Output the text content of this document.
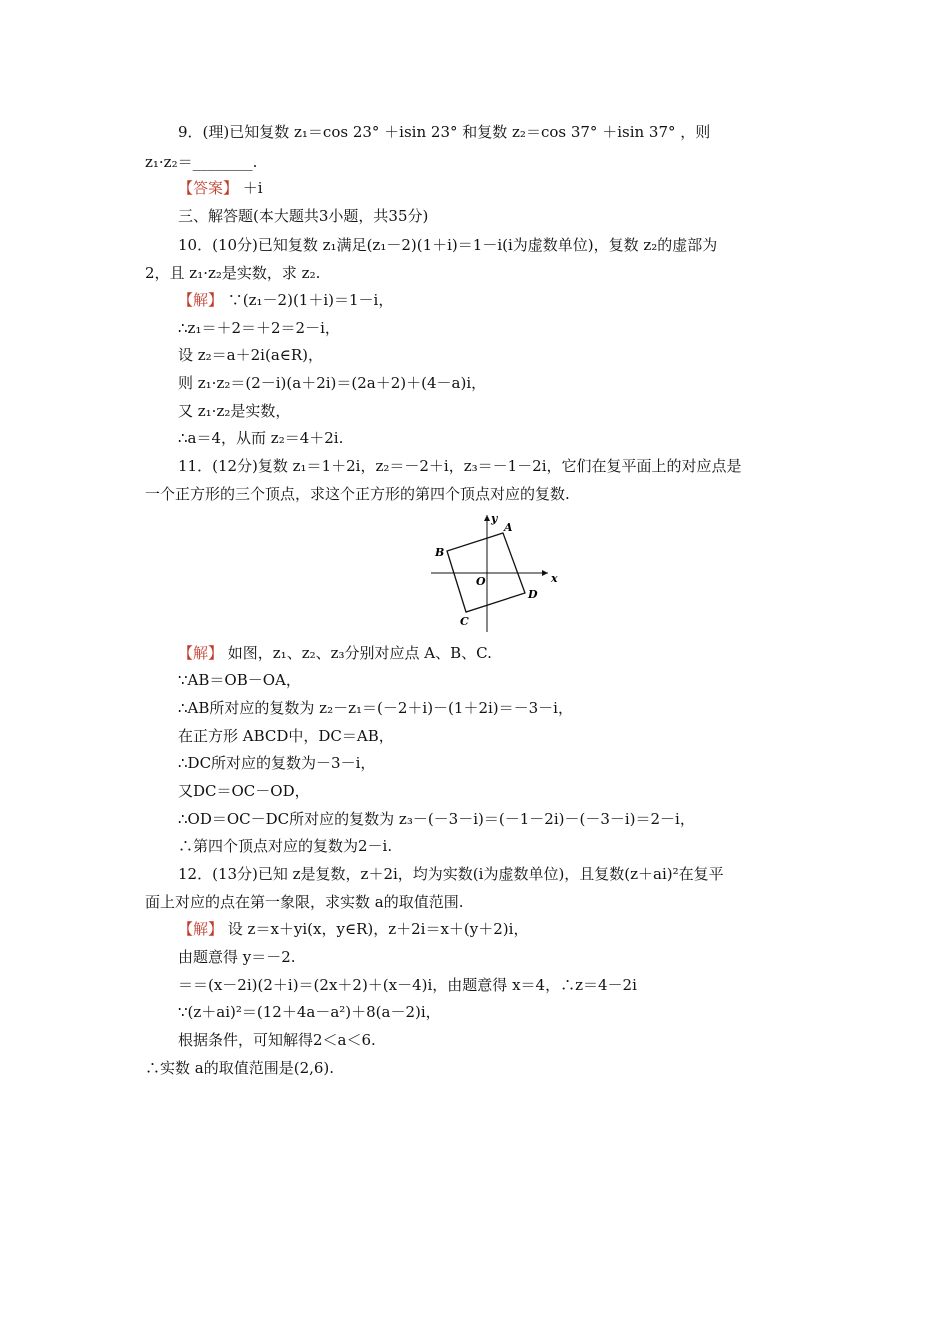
9．(理)已知复数 z₁＝cos 23° ＋isin 23° 和复数 z₂＝cos 37° ＋isin 37° ，则
z₁·z₂＝________.
【答案】 ＋i
三、解答题(本大题共3小题，共35分)
10．(10分)已知复数 z₁满足(z₁－2)(1＋i)＝1－i(i为虚数单位)，复数 z₂的虚部为
2，且 z₁·z₂是实数，求 z₂.
【解】 ∵(z₁－2)(1＋i)＝1－i，
∴z₁＝＋2＝＋2＝2－i，
设 z₂＝a＋2i(a∈R)，
则 z₁·z₂＝(2－i)(a＋2i)＝(2a＋2)＋(4－a)i，
又 z₁·z₂是实数，
∴a＝4，从而 z₂＝4＋2i.
11．(12分)复数 z₁＝1＋2i，z₂＝－2＋i，z₃＝－1－2i，它们在复平面上的对应点是
一个正方形的三个顶点，求这个正方形的第四个顶点对应的复数.
x
y
O
A
B
C
D
【解】 如图，z₁、z₂、z₃分别对应点 A、B、C.
∵AB＝OB－OA，
∴AB所对应的复数为 z₂－z₁＝(－2＋i)－(1＋2i)＝－3－i，
在正方形 ABCD中，DC＝AB，
∴DC所对应的复数为－3－i，
又DC＝OC－OD，
∴OD＝OC－DC所对应的复数为 z₃－(－3－i)＝(－1－2i)－(－3－i)＝2－i，
∴第四个顶点对应的复数为2－i.
12．(13分)已知 z是复数，z＋2i，均为实数(i为虚数单位)，且复数(z＋ai)²在复平
面上对应的点在第一象限，求实数 a的取值范围.
【解】 设 z＝x＋yi(x，y∈R)，z＋2i＝x＋(y＋2)i，
由题意得 y＝－2.
＝＝(x－2i)(2＋i)＝(2x＋2)＋(x－4)i，由题意得 x＝4，∴z＝4－2i
∵(z＋ai)²＝(12＋4a－a²)＋8(a－2)i，
根据条件，可知解得2＜a＜6.
∴实数 a的取值范围是(2,6).
